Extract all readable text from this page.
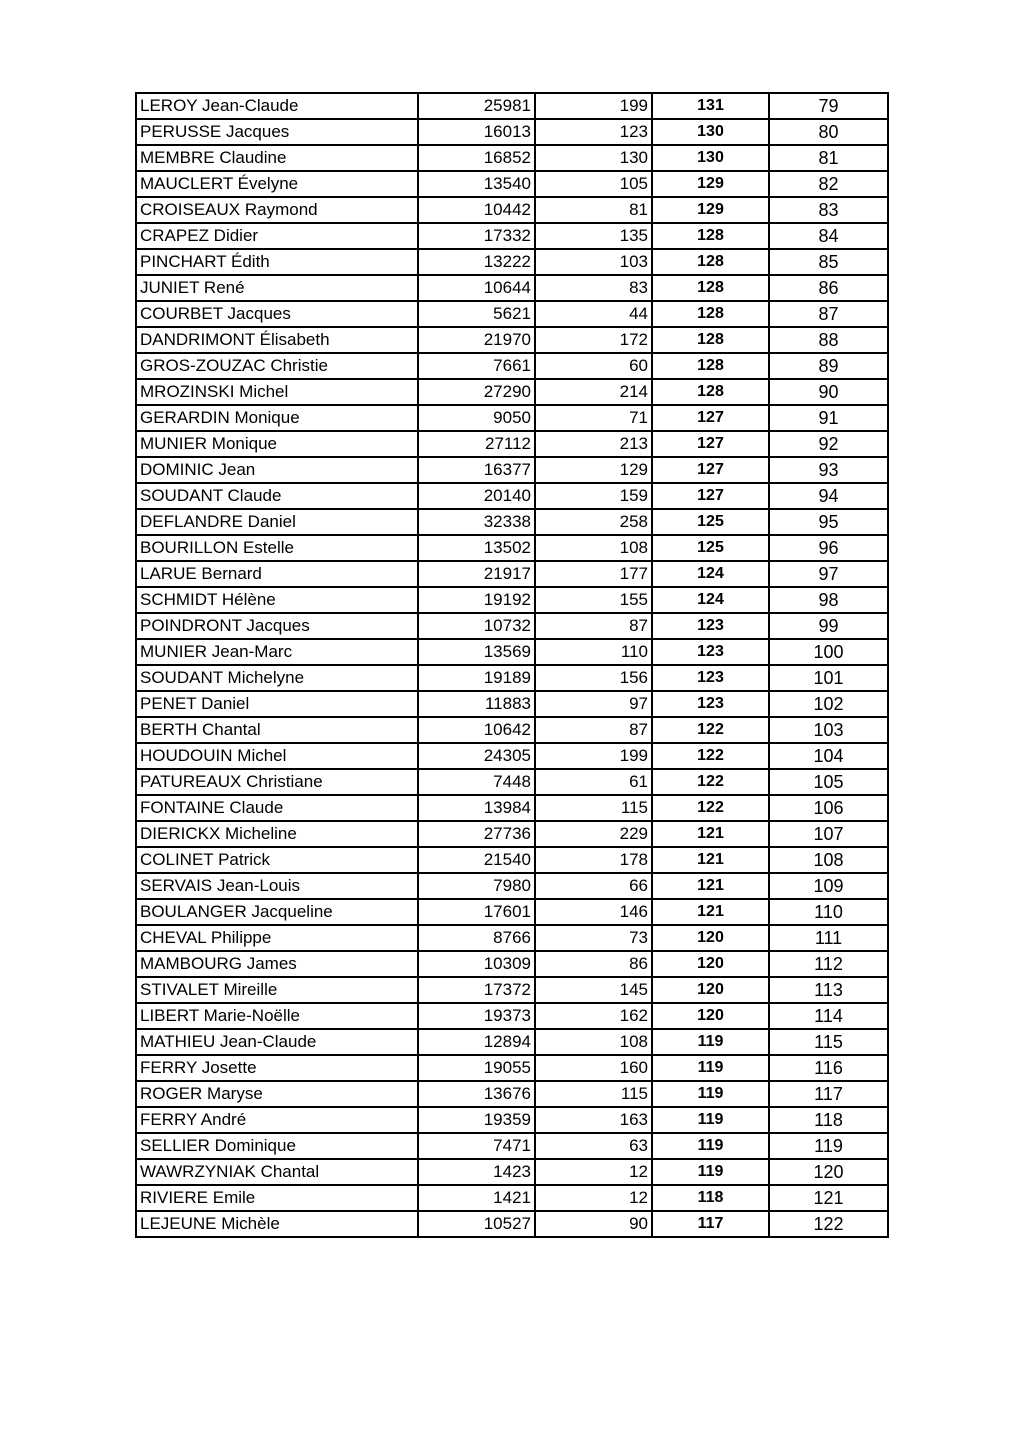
LEROY Jean-Claude	25981	199	131	79
PERUSSE Jacques	16013	123	130	80
MEMBRE Claudine	16852	130	130	81
MAUCLERT Évelyne	13540	105	129	82
CROISEAUX Raymond	10442	81	129	83
CRAPEZ Didier	17332	135	128	84
PINCHART Édith	13222	103	128	85
JUNIET René	10644	83	128	86
COURBET Jacques	5621	44	128	87
DANDRIMONT Élisabeth	21970	172	128	88
GROS-ZOUZAC Christie	7661	60	128	89
MROZINSKI Michel	27290	214	128	90
GERARDIN Monique	9050	71	127	91
MUNIER Monique	27112	213	127	92
DOMINIC Jean	16377	129	127	93
SOUDANT Claude	20140	159	127	94
DEFLANDRE Daniel	32338	258	125	95
BOURILLON Estelle	13502	108	125	96
LARUE Bernard	21917	177	124	97
SCHMIDT Hélène	19192	155	124	98
POINDRONT Jacques	10732	87	123	99
MUNIER Jean-Marc	13569	110	123	100
SOUDANT Michelyne	19189	156	123	101
PENET Daniel	11883	97	123	102
BERTH Chantal	10642	87	122	103
HOUDOUIN Michel	24305	199	122	104
PATUREAUX Christiane	7448	61	122	105
FONTAINE Claude	13984	115	122	106
DIERICKX Micheline	27736	229	121	107
COLINET Patrick	21540	178	121	108
SERVAIS Jean-Louis	7980	66	121	109
BOULANGER Jacqueline	17601	146	121	110
CHEVAL Philippe	8766	73	120	111
MAMBOURG James	10309	86	120	112
STIVALET Mireille	17372	145	120	113
LIBERT Marie-Noëlle	19373	162	120	114
MATHIEU Jean-Claude	12894	108	119	115
FERRY Josette	19055	160	119	116
ROGER Maryse	13676	115	119	117
FERRY André	19359	163	119	118
SELLIER Dominique	7471	63	119	119
WAWRZYNIAK Chantal	1423	12	119	120
RIVIERE Emile	1421	12	118	121
LEJEUNE Michèle	10527	90	117	122
